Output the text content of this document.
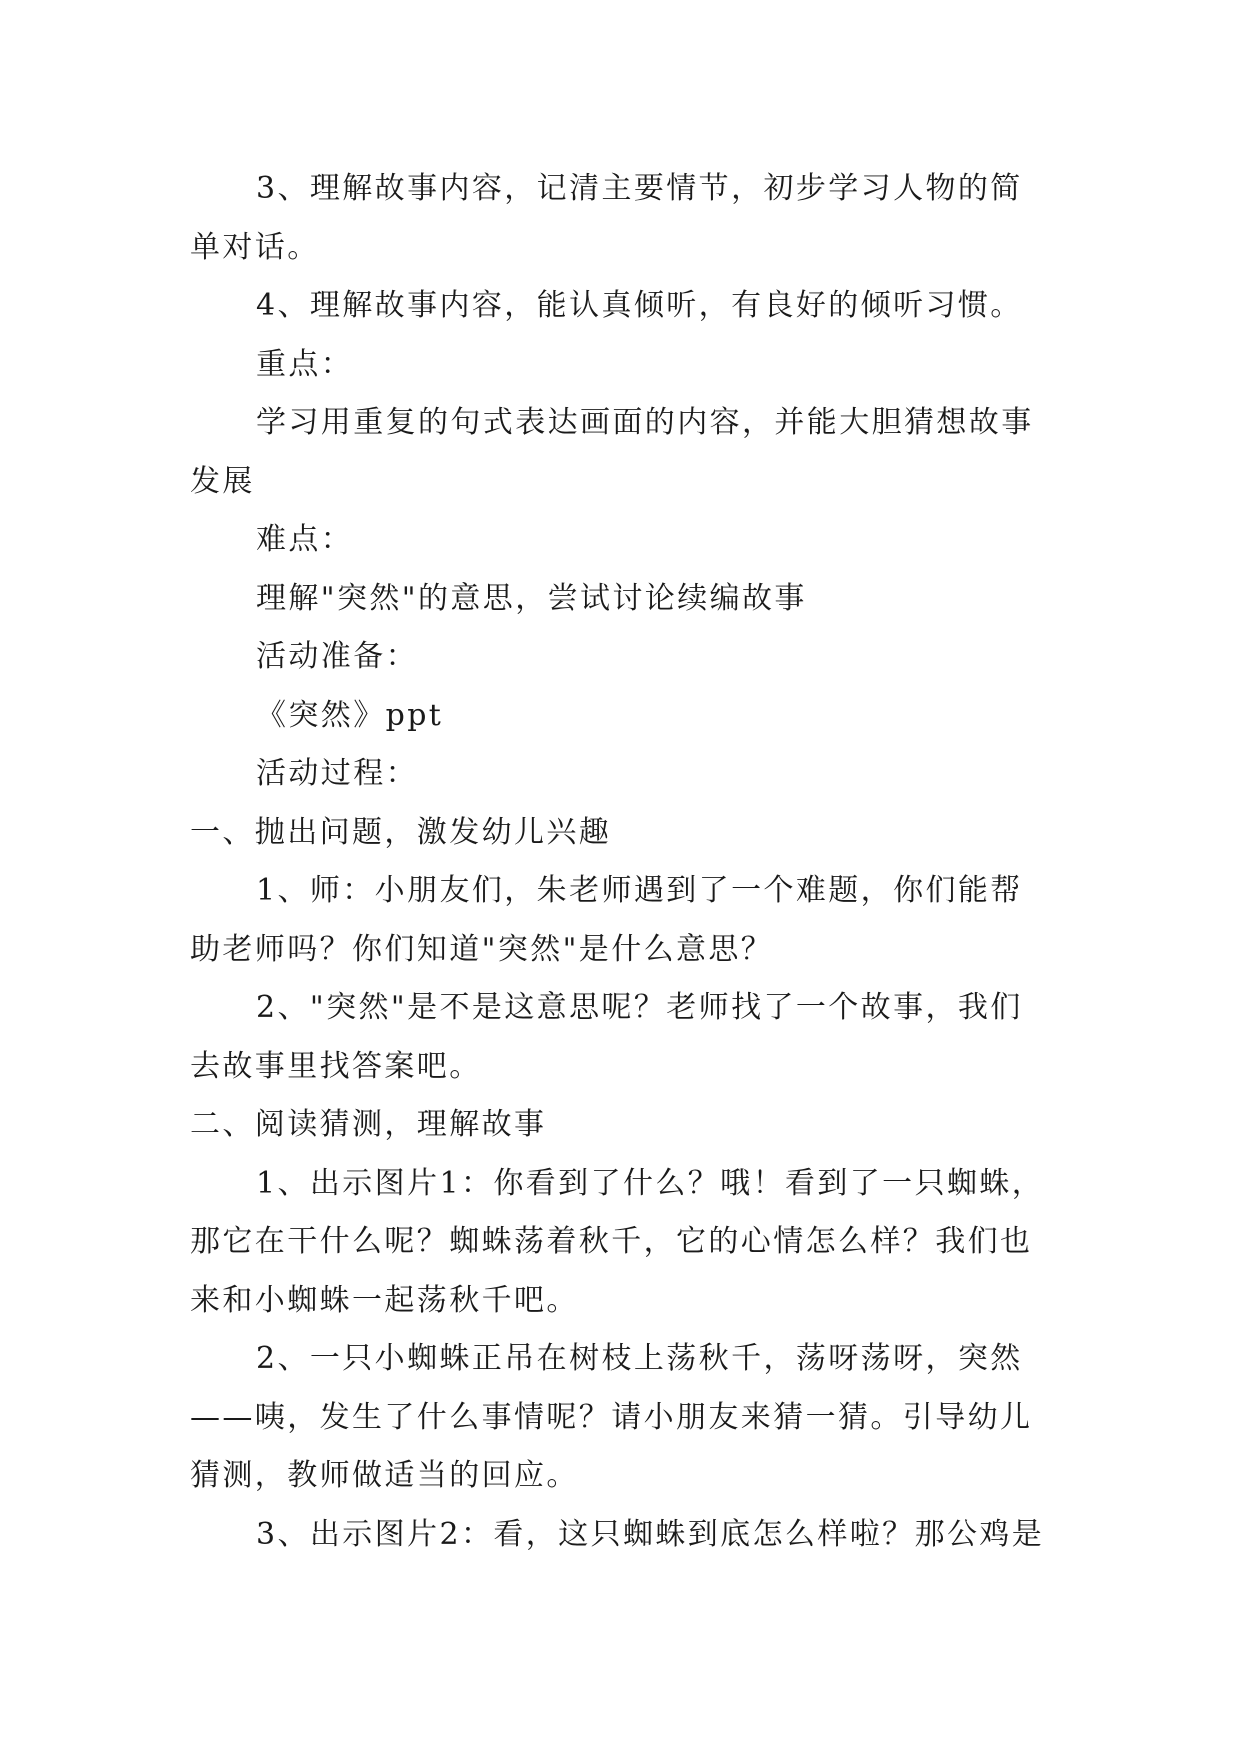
3、理解故事内容，记清主要情节，初步学习人物的简

单对话。

4、理解故事内容，能认真倾听，有良好的倾听习惯。

重点：

学习用重复的句式表达画面的内容，并能大胆猜想故事

发展

难点：

理解"突然"的意思，尝试讨论续编故事

活动准备：

《突然》ppt

活动过程：

一、抛出问题，激发幼儿兴趣

1、师：小朋友们，朱老师遇到了一个难题，你们能帮

助老师吗？你们知道"突然"是什么意思？

2、"突然"是不是这意思呢？老师找了一个故事，我们

去故事里找答案吧。

二、阅读猜测，理解故事

1、出示图片1：你看到了什么？哦！看到了一只蜘蛛，

那它在干什么呢？蜘蛛荡着秋千，它的心情怎么样？我们也

来和小蜘蛛一起荡秋千吧。

2、一只小蜘蛛正吊在树枝上荡秋千，荡呀荡呀，突然

——咦，发生了什么事情呢？请小朋友来猜一猜。引导幼儿

猜测，教师做适当的回应。

3、出示图片2：看，这只蜘蛛到底怎么样啦？那公鸡是
